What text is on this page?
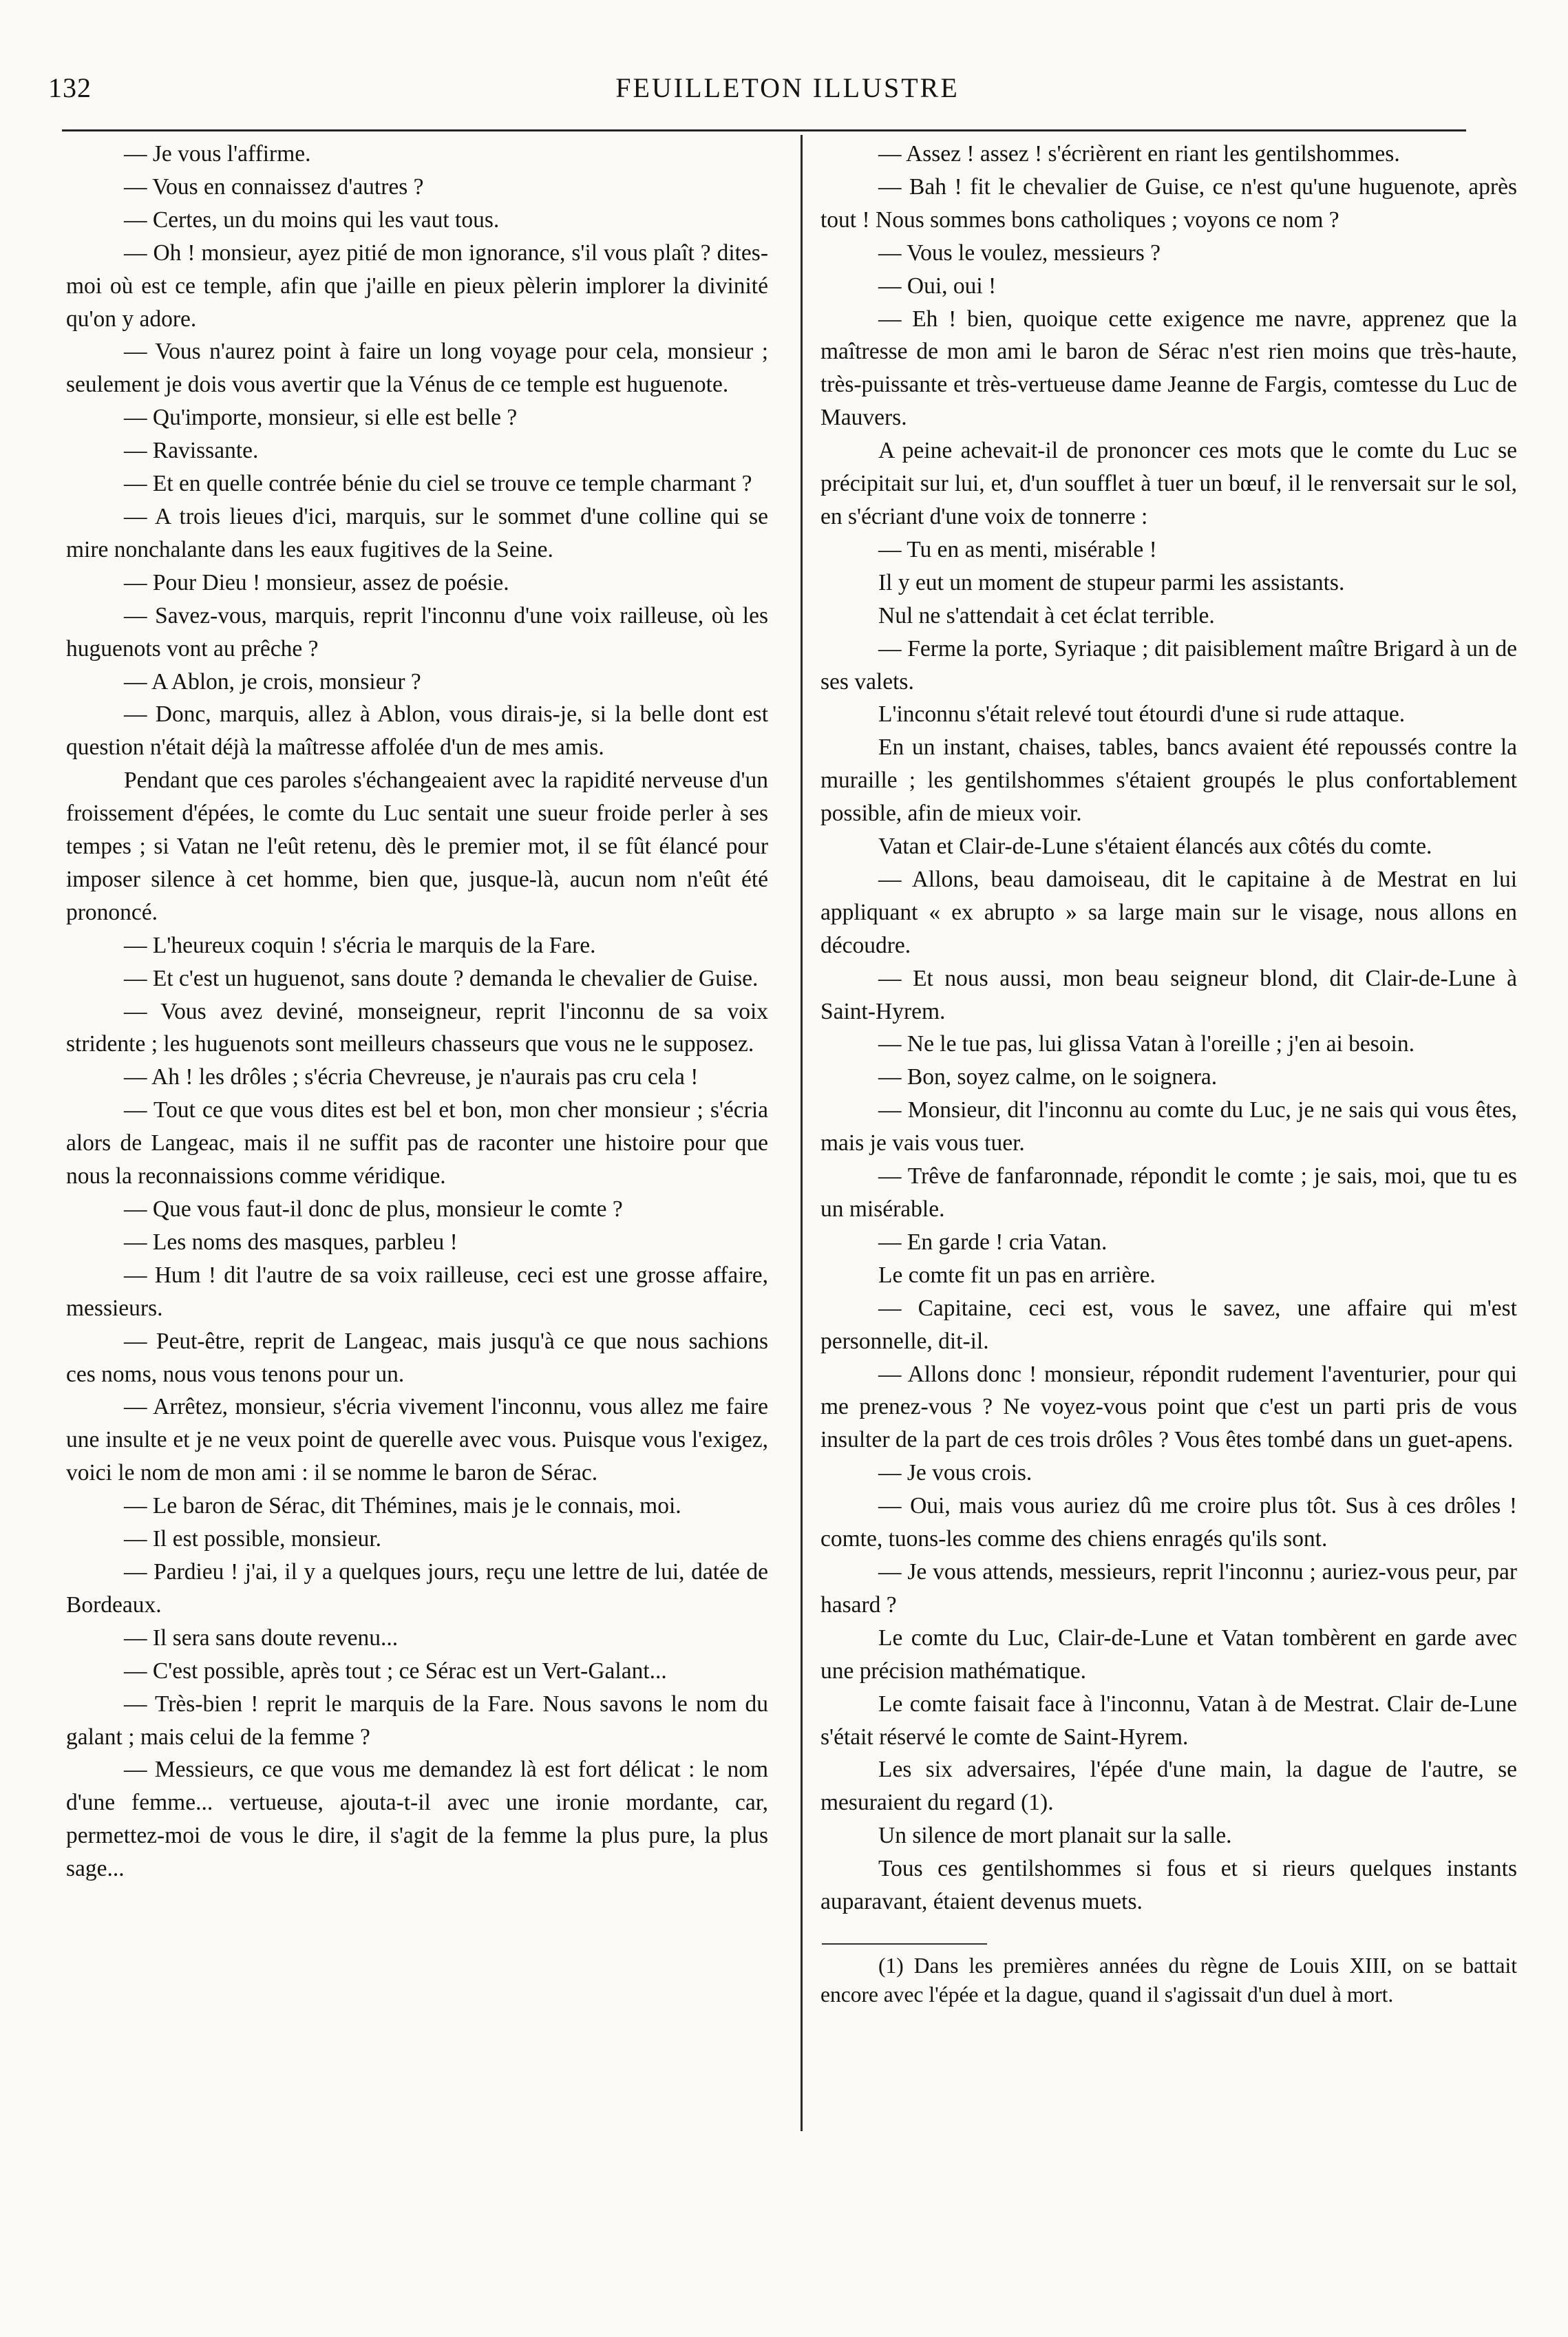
132	FEUILLETON ILLUSTRE

— Je vous l'affirme.

— Vous en connaissez d'autres ?

— Certes, un du moins qui les vaut tous.

— Oh ! monsieur, ayez pitié de mon ignorance, s'il vous plaît ? dites-moi où est ce temple, afin que j'aille en pieux pèlerin implorer la divinité qu'on y adore.

— Vous n'aurez point à faire un long voyage pour cela, monsieur ; seulement je dois vous avertir que la Vénus de ce temple est huguenote.

— Qu'importe, monsieur, si elle est belle ?

— Ravissante.

— Et en quelle contrée bénie du ciel se trouve ce temple charmant ?

— A trois lieues d'ici, marquis, sur le sommet d'une colline qui se mire nonchalante dans les eaux fugitives de la Seine.

— Pour Dieu ! monsieur, assez de poésie.

— Savez-vous, marquis, reprit l'inconnu d'une voix railleuse, où les huguenots vont au prêche ?

— A Ablon, je crois, monsieur ?

— Donc, marquis, allez à Ablon, vous dirais-je, si la belle dont est question n'était déjà la maîtresse affolée d'un de mes amis.

Pendant que ces paroles s'échangeaient avec la rapidité nerveuse d'un froissement d'épées, le comte du Luc sentait une sueur froide perler à ses tempes ; si Vatan ne l'eût retenu, dès le premier mot, il se fût élancé pour imposer silence à cet homme, bien que, jusque-là, aucun nom n'eût été prononcé.

— L'heureux coquin ! s'écria le marquis de la Fare.

— Et c'est un huguenot, sans doute ? demanda le chevalier de Guise.

— Vous avez deviné, monseigneur, reprit l'inconnu de sa voix stridente ; les huguenots sont meilleurs chasseurs que vous ne le supposez.

— Ah ! les drôles ; s'écria Chevreuse, je n'aurais pas cru cela !

— Tout ce que vous dites est bel et bon, mon cher monsieur ; s'écria alors de Langeac, mais il ne suffit pas de raconter une histoire pour que nous la reconnaissions comme véridique.

— Que vous faut-il donc de plus, monsieur le comte ?

— Les noms des masques, parbleu !

— Hum ! dit l'autre de sa voix railleuse, ceci est une grosse affaire, messieurs.

— Peut-être, reprit de Langeac, mais jusqu'à ce que nous sachions ces noms, nous vous tenons pour un.

— Arrêtez, monsieur, s'écria vivement l'inconnu, vous allez me faire une insulte et je ne veux point de querelle avec vous. Puisque vous l'exigez, voici le nom de mon ami : il se nomme le baron de Sérac.

— Le baron de Sérac, dit Thémines, mais je le connais, moi.

— Il est possible, monsieur.

— Pardieu ! j'ai, il y a quelques jours, reçu une lettre de lui, datée de Bordeaux.

— Il sera sans doute revenu...

— C'est possible, après tout ; ce Sérac est un Vert-Galant...

— Très-bien ! reprit le marquis de la Fare. Nous savons le nom du galant ; mais celui de la femme ?

— Messieurs, ce que vous me demandez là est fort délicat : le nom d'une femme... vertueuse, ajouta-t-il avec une ironie mordante, car, permettez-moi de vous le dire, il s'agit de la femme la plus pure, la plus sage...

— Assez ! assez ! s'écrièrent en riant les gentilshommes.

— Bah ! fit le chevalier de Guise, ce n'est qu'une huguenote, après tout ! Nous sommes bons catholiques ; voyons ce nom ?

— Vous le voulez, messieurs ?

— Oui, oui !

— Eh ! bien, quoique cette exigence me navre, apprenez que la maîtresse de mon ami le baron de Sérac n'est rien moins que très-haute, très-puissante et très-vertueuse dame Jeanne de Fargis, comtesse du Luc de Mauvers.

A peine achevait-il de prononcer ces mots que le comte du Luc se précipitait sur lui, et, d'un soufflet à tuer un bœuf, il le renversait sur le sol, en s'écriant d'une voix de tonnerre :

— Tu en as menti, misérable !

Il y eut un moment de stupeur parmi les assistants.

Nul ne s'attendait à cet éclat terrible.

— Ferme la porte, Syriaque ; dit paisiblement maître Brigard à un de ses valets.

L'inconnu s'était relevé tout étourdi d'une si rude attaque.

En un instant, chaises, tables, bancs avaient été repoussés contre la muraille ; les gentilshommes s'étaient groupés le plus confortablement possible, afin de mieux voir.

Vatan et Clair-de-Lune s'étaient élancés aux côtés du comte.

— Allons, beau damoiseau, dit le capitaine à de Mestrat en lui appliquant « ex abrupto » sa large main sur le visage, nous allons en découdre.

— Et nous aussi, mon beau seigneur blond, dit Clair-de-Lune à Saint-Hyrem.

— Ne le tue pas, lui glissa Vatan à l'oreille ; j'en ai besoin.

— Bon, soyez calme, on le soignera.

— Monsieur, dit l'inconnu au comte du Luc, je ne sais qui vous êtes, mais je vais vous tuer.

— Trêve de fanfaronnade, répondit le comte ; je sais, moi, que tu es un misérable.

— En garde ! cria Vatan.

Le comte fit un pas en arrière.

— Capitaine, ceci est, vous le savez, une affaire qui m'est personnelle, dit-il.

— Allons donc ! monsieur, répondit rudement l'aventurier, pour qui me prenez-vous ? Ne voyez-vous point que c'est un parti pris de vous insulter de la part de ces trois drôles ? Vous êtes tombé dans un guet-apens.

— Je vous crois.

— Oui, mais vous auriez dû me croire plus tôt. Sus à ces drôles ! comte, tuons-les comme des chiens enragés qu'ils sont.

— Je vous attends, messieurs, reprit l'inconnu ; auriez-vous peur, par hasard ?

Le comte du Luc, Clair-de-Lune et Vatan tombèrent en garde avec une précision mathématique.

Le comte faisait face à l'inconnu, Vatan à de Mestrat. Clair de-Lune s'était réservé le comte de Saint-Hyrem.

Les six adversaires, l'épée d'une main, la dague de l'autre, se mesuraient du regard (1).

Un silence de mort planait sur la salle.

Tous ces gentilshommes si fous et si rieurs quelques instants auparavant, étaient devenus muets.

(1) Dans les premières années du règne de Louis XIII, on se battait encore avec l'épée et la dague, quand il s'agissait d'un duel à mort.
